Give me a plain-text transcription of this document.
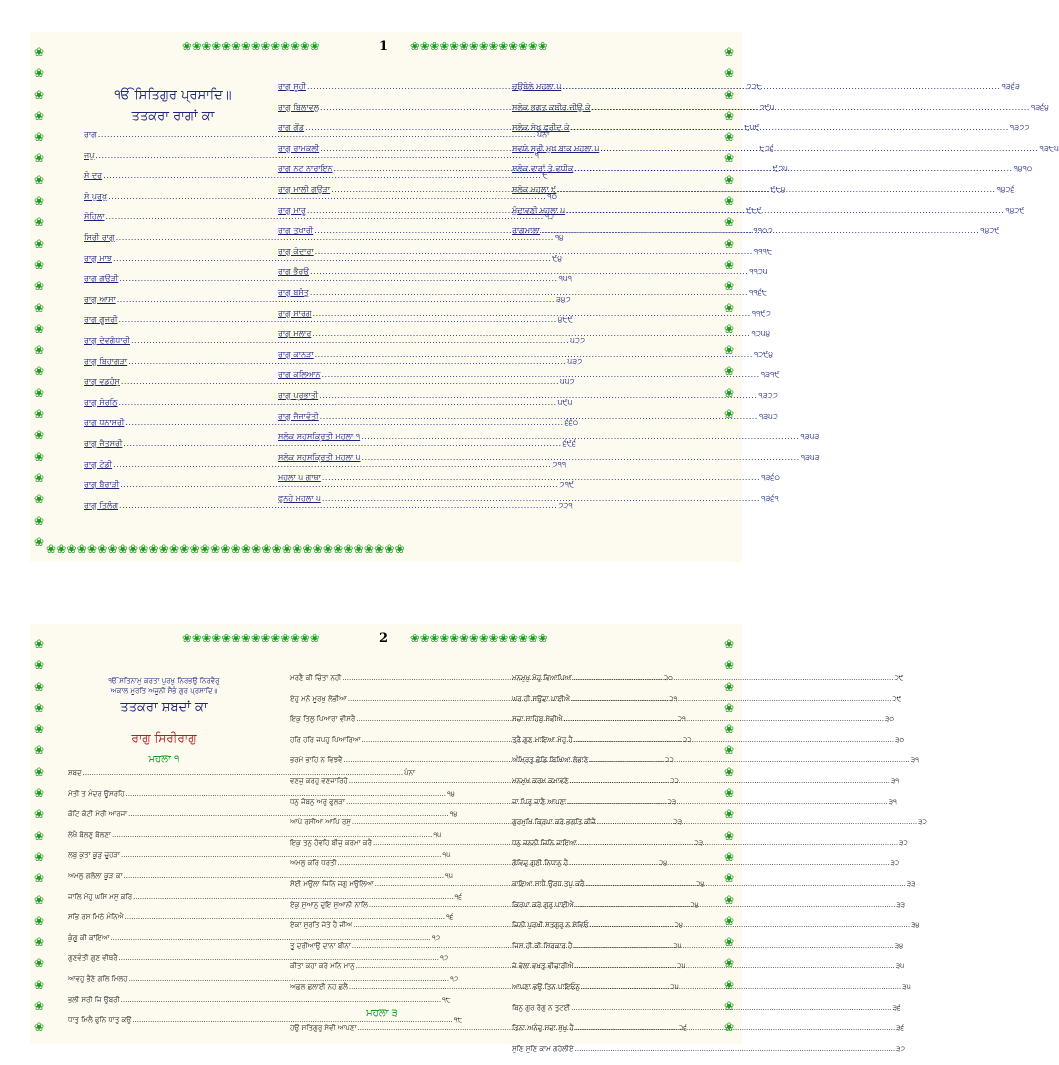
❀
❀
❀
❀
❀
❀
❀
❀
❀
❀
❀
❀
❀
❀
❀
❀
❀
❀
❀
❀
❀
❀
❀
❀
❀
❀
❀
❀
❀
❀
❀
❀
❀
❀
❀
❀
❀
❀
❀
❀
❀
❀
❀❀❀❀❀❀❀❀❀❀❀❀❀❀	1 ❀❀❀❀❀❀❀❀❀❀❀❀❀❀
ੴ ਸਿਤਿਗੁਰ ਪ੍ਰਸਾਦਿ॥
ਤਤਕਰਾ ਰਾਗਾਂ ਕਾ
ਰਾਗ .....	ਪੰਨਾ
ਜਪੁ .....	੧
ਸੋ ਦਰੁ .....	੮
ਸੋ ਪੁਰਖੁ .....	੧੦
ਸੋਹਿਲਾ .....	੧੨
ਸਿਰੀ ਰਾਗੁ .....	੧੪
ਰਾਗੁ ਮਾਝ .....	੯੪
ਰਾਗੁ ਗਉੜੀ .....	੧੫੧
ਰਾਗੁ ਆਸਾ .....	੩੪੭
ਰਾਗੁ ਗੂਜਰੀ .....	੪੮੯
ਰਾਗੁ ਦੇਵਗੰਧਾਰੀ .....	੫੨੭
ਰਾਗੁ ਬਿਹਾਗੜਾ .....	੫੩੭
ਰਾਗੁ ਵਡਹੰਸੁ .....	੫੫੭
ਰਾਗੁ ਸੋਰਠਿ .....	੫੯੫
ਰਾਗੁ ਧਨਾਸਰੀ .....	੬੬੦
ਰਾਗੁ ਜੈਤਸਰੀ .....	੬੯੬
ਰਾਗੁ ਟੋਡੀ .....	੭੧੧
ਰਾਗੁ ਬੈਰਾੜੀ .....	੭੧੯
ਰਾਗੁ ਤਿਲੰਗ .....	੭੨੧
ਰਾਗੁ ਸੂਹੀ .....	੭੨੮
ਰਾਗੁ ਬਿਲਾਵਲੁ .....	੭੯੫
ਰਾਗੁ ਗੋਂਡ .....	੮੫੯
ਰਾਗੁ ਰਾਮਕਲੀ .....	੮੭੬
ਰਾਗੁ ਨਟ ਨਾਰਾਇਨ .....	੯੭੫
ਰਾਗੁ ਮਾਲੀ ਗਉੜਾ .....	੯੮੪
ਰਾਗੁ ਮਾਰੂ .....	੯੮੯
ਰਾਗੁ ਤੁਖਾਰੀ .....	੧੧੦੭
ਰਾਗੁ ਕੇਦਾਰਾ .....	੧੧੧੮
ਰਾਗੁ ਭੈਰਉ .....	੧੧੨੫
ਰਾਗੁ ਬਸੰਤੁ .....	੧੧੬੮
ਰਾਗੁ ਸਾਰਗ .....	੧੧੯੭
ਰਾਗੁ ਮਲਾਰ .....	੧੨੫੪
ਰਾਗੁ ਕਾਨੜਾ .....	੧੨੯੪
ਰਾਗੁ ਕਲਿਆਨ .....	੧੩੧੯
ਰਾਗੁ ਪ੍ਰਭਾਤੀ .....	੧੩੨੭
ਰਾਗੁ ਜੈਜਾਵੰਤੀ .....	੧੩੫੨
ਸਲੋਕ ਸਹਸਕ੍ਰਿਤੀ ਮਹਲਾ ੧ .....	੧੩੫੩
ਸਲੋਕ ਸਹਸਕ੍ਰਿਤੀ ਮਹਲਾ ੫ .....	੧੩੫੩
ਮਹਲਾ ੫ ਗਾਥਾ .....	੧੩੬੦
ਫੁਨਹੇ ਮਹਲਾ ੫ .....	੧੩੬੧
ਚਉਬੋਲੇ ਮਹਲਾ ੫ .....	੧੩੬੩
ਸਲੋਕ ਭਗਤ ਕਬੀਰ ਜੀਉ ਕੇ .....	੧੩੬੪
ਸਲੋਕ ਸੇਖ ਫਰੀਦ ਕੇ .....	੧੩੭੭
ਸਵਯੇ ਸ੍ਰੀ ਮੁਖ ਬਾਕ ਮਹਲਾ ੫ .....	੧੩੮੫
ਸਲੋਕ ਵਾਰਾਂ ਤੇ ਵਧੀਕ .....	੧੪੧੦
ਸਲੋਕ ਮਹਲਾ ੯ .....	੧੪੨੬
ਮੁੰਦਾਵਣੀ ਮਹਲਾ ੫ .....	੧੪੨੯
ਰਾਗਮਾਲਾ .....	੧੪੨੯
❀❀❀❀❀❀❀❀❀❀❀❀❀❀❀❀❀❀❀❀❀❀❀❀❀❀❀❀❀❀❀❀❀❀❀
❀
❀
❀
❀
❀
❀
❀
❀
❀
❀
❀
❀
❀
❀
❀
❀
❀
❀
❀
❀
❀
❀
❀
❀
❀
❀
❀
❀
❀
❀
❀
❀
❀
❀
❀
❀
❀
❀
❀❀❀❀❀❀❀❀❀❀❀❀❀❀	2 ❀❀❀❀❀❀❀❀❀❀❀❀❀❀
ੴ ਸਤਿਨਾਮੁ ਕਰਤਾ ਪੁਰਖੁ ਨਿਰਭਉ ਨਿਰਵੈਰੁ
ਅਕਾਲ ਮੂਰਤਿ ਅਜੂਨੀ ਸੈਭੰ ਗੁਰ ਪ੍ਰਸਾਦਿ॥
ਤਤਕਰਾ ਸ਼ਬਦਾਂ ਕਾ
ਰਾਗੁ ਸਿਰੀਰਾਗੁ
ਮਹਲਾ ੧
ਸ਼ਬਦ .....	ਪੰਨਾ
ਮੋਤੀ ਤ ਮੰਦਰ ਊਸਰਹਿ .....	੧੪
ਕੋਟਿ ਕੋਟੀ ਮੇਰੀ ਆਰਜਾ .....	੧੪
ਲੇਖੈ ਬੋਲਣੁ ਬੋਲਣਾ .....	੧੫
ਲਬੁ ਕੁਤਾ ਕੂੜੁ ਚੂਹੜਾ .....	੧੫
ਅਮਲੁ ਗਲੋਲਾ ਕੂੜ ਕਾ .....	੧੫
ਜਾਲਿ ਮੋਹੁ ਘਸਿ ਮਸੁ ਕਰਿ .....	੧੬
ਸਭਿ ਰਸ ਮਿਠੇ ਮੰਨਿਐ .....	੧੬
ਕੁੰਗੂ ਕੀ ਕਾਂਇਆ .....	੧੭
ਗੁਣਵੰਤੀ ਗੁਣ ਵੀਥਰੈ .....	੧੭
ਆਵਹੁ ਭੈਣੇ ਗਲਿ ਮਿਲਹ .....	੧੭
ਭਲੀ ਸਰੀ ਜਿ ਉਬਰੀ .....	੧੮
ਧਾਤੁ ਮਿਲੈ ਫੁਨਿ ਧਾਤੁ ਕਉ .....	੧੮
ਮਰਣੈ ਕੀ ਚਿੰਤਾ ਨਹੀ .....	੨੦
ਏਹੁ ਮਨੋ ਮੂਰਖੁ ਲੋਭੀਆ .....	੨੧
ਇਕੁ ਤਿਲੁ ਪਿਆਰਾ ਵੀਸਰੈ .....	੨੧
ਹਰਿ ਹਰਿ ਜਪਹੁ ਪਿਆਰਿਆ .....	੨੨
ਭਰਮੇ ਭਾਹਿ ਨ ਵਿਝਵੈ .....	੨੨
ਵਣਜੁ ਕਰਹੁ ਵਣਜਾਰਿਹੋ .....	੨੨
ਧਨੁ ਜੋਬਨੁ ਅਰੁ ਫੁਲੜਾ .....	੨੩
ਆਪੇ ਰਸੀਆ ਆਪਿ ਰਸੁ .....	੨੩
ਇਕੁ ਤਨੁ ਹੋਵਹਿ ਬੀਜੁ ਕਰਮਾ ਕਰੈ .....	੨੩
ਅਮਲੁ ਕਰਿ ਧਰਤੀ .....	੨੪
ਸੋਈ ਮਉਲਾ ਜਿਨਿ ਜਗੁ ਮਉਲਿਆ .....	੨੪
ਏਕੁ ਸੁਆਨੁ ਦੁਇ ਸੁਆਨੀ ਨਾਲਿ .....	੨੪
ਏਕਾ ਸੁਰਤਿ ਜੇਤੇ ਹੈ ਜੀਅ .....	੨੪
ਤੂ ਦਰੀਆਉ ਦਾਨਾ ਬੀਨਾ .....	੨੫
ਕੀਤਾ ਕਹਾ ਕਰੇ ਮਨਿ ਮਾਨੁ .....	੨੫
ਅਛਲ ਛਲਾਈ ਨਹ ਛਲੈ .....	੨੫
ਮਹਲਾ ੩
ਹਉ ਸਤਿਗੁਰੁ ਸੇਵੀ ਆਪਣਾ .....	੨੬
ਮਨਮੁਖੁ ਮੋਹੁ ਵਿਆਪਿਆ .....	੨੯
ਘਰ ਹੀ ਸਉਦਾ ਪਾਈਐ .....	੨੯
ਸਚਾ ਸਾਹਿਬੁ ਸੇਵੀਐ .....	੩੦
ਤ੍ਰੈ ਗੁਣ ਮਾਇਆ ਮੋਹੁ ਹੈ .....	੩੦
ਅੰਮ੍ਰਿਤੁ ਛੋਡਿ ਬਿਖਿਆ ਲੋਭਾਣੇ .....	੩੧
ਮਨਮੁਖ ਕਰਮ ਕਮਾਵਣੇ .....	੩੧
ਜਾ ਪਿਰੁ ਜਾਣੈ ਆਪਣਾ .....	੩੧
ਗੁਰਮੁਖਿ ਕ੍ਰਿਪਾ ਕਰੇ ਭਗਤਿ ਕੀਜੈ .....	੩੨
ਧਨੁ ਜਨਨੀ ਜਿਨਿ ਜਾਇਆ .....	੩੨
ਗੋਵਿਦੁ ਗੁਣੀ ਨਿਧਾਨੁ ਹੈ .....	੩੨
ਕਾਇਆ ਸਾਧੈ ਉਰਧ ਤਪੁ ਕਰੈ .....	੩੩
ਕਿਰਪਾ ਕਰੇ ਗੁਰੁ ਪਾਈਐ .....	੩੩
ਜਿਨੀ ਪੁਰਖੀ ਸਤਗੁਰੁ ਨ ਸੇਵਿਓ .....	੩੪
ਜਿਸ ਹੀ ਕੀ ਸਿਰਕਾਰ ਹੈ .....	੩੪
ਜੇ ਵੇਲਾ ਵਖਤੁ ਵੀਚਾਰੀਐ .....	੩੫
ਆਪਣਾ ਭਉ ਤਿਨ ਪਾਇਓਨੁ .....	੩੫
ਬਿਨੁ ਗੁਰ ਰੋਗੁ ਨ ਤੁਟਈ .....	੩੬
ਤਿਨਾ ਅਨੰਦੁ ਸਦਾ ਸੁਖੁ ਹੈ .....	੩੬
ਸੁਣਿ ਸੁਣਿ ਕਾਮ ਗਹੇਲੀਏ .....	੩੭
